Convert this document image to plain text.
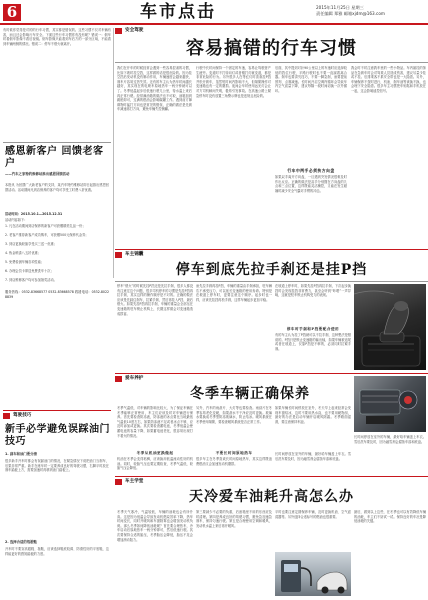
6	车市点击	2015年11月25日 星期三
责任编辑 郑雅 邮箱xjdm@163.com
安全驾驶
容易搞错的行车习惯
有时候你觉得是对的的行车习惯，其实都是错误的。这些习惯不仅对车辆有害，而且还会影响行车安全。下面这些行车习惯你有没有呢？错误一：倒车时看倒车影像不看后视镜。倒车影像只能看到车后方的一部分区域，不能看到车辆两侧的情况。错误二：停车不熄火就离开。
我们在开车的时候经常会遇到一些容易混淆的习惯，比如下坡时挂空挡，这样做的话是很危险的。因为挂空挡后发动机没有制动作用，车辆速度会越来越快，刹车片容易过热失效。还有的车主认为热车时间越长越好，其实现在的电喷车原地热车一两分钟就可以了。冬季低温起步后低速行驶几公里，待水温上来后再正常行驶。经常满油箱的做法也不可取，油箱加到跳枪即可，过满的燃油会影响碳罐工作。遇到前方障碍物时猛打方向也是常见的错误，正确的做法是先刹车减速再打方向，避免车辆失控侧翻。
行驶中长时间保持一个固定的车速，容易让驾驶者产生疲劳。变道时不打转向灯或者刚打灯就变道，都是非常危险的行为。另外很多人在等红灯时喜欢挂P挡并松开刹车，虽然短时间内影响不大，但频繁操作对变速箱也有一定的磨损。夜间会车时使用远光灯会让对方司机瞬间失明，极易引发事故。在高速公路上紧急停车时没有放置三角警示牌也是违规且危险的。
后面，其中提到对针90公里以上的车速时应选择较低的挡位行驶，平路行驶时也不要一直踩着离合器。刹车也要讲究技巧，不要一脚急刹，而要提前预判、点刹减速。长时间开启空调内循环会导致车内空气质量下降，建议每隔一段时间切换一次外循环。
行车中两手必须扶方向盘
如果双手离开方向盘，一旦遇到突发情况很难及时作出反应。正确的做法是双手分别握在方向盘的九点和三点位置，这样既能灵活操控，又能在发生碰撞时减少安全气囊对手臂的冲击。
我会时不时注意我车里的一些小物品。车内悬挂的饰品在急刹车时会对驾乘人员造成伤害，建议尽量少挂或不挂。后排乘客不系安全带也是一大隐患。另外，车辆保养不按时进行，机油、刹车油等该换不换，也会埋下安全隐患。很多车主习惯把车钥匙和手机放在一起，这会影响遥控信号。
感恩新客户 回馈老客户
——汽车之家特约维修站推出感恩回馈活动
本报讯 为回馈广大新老客户的支持，某汽车特约维修站即日起推出感恩回馈活动。活动期间凡到店保养的客户均可享受工时费八折优惠。
活动时间：2015.10.1—2015.12.31
活动内容如下：
1. 凡在活动期间到店保养的新客户可获赠精美礼品一份；
2. 老客户推荐新客户成功购车，可获赠500元保养代金券；
3. 到店更换轮胎享受买三送一优惠；
4. 钣金喷漆八五折优惠；
5. 免费检测车辆各项性能；
6. 办理会员卡即送免费洗车十次；
7. 到店维修客户均可参加抽奖活动。
服务热线：0532-83668577 0532-83668578 救援电话：0532-80228839
车主锦囊
停车到底先拉手刹还是挂P挡
停车“熄火”的时候先挂P挡还是先拉手刹，很多人都没有注意过这个问题，很多司机停车的习惯是先挂P挡再拉手刹，其实这样的操作顺序是不对的。正确的做法应该是先踩住刹车，拉紧手刹，然后再挂入P挡，最后熄火。如果先挂P挡再拉手刹，车辆的重量会全部压在变速箱的驻车锁止机构上，长期这样做会对变速箱造成损害。
而先拉手刹再挂P挡，车辆的重量由手刹承担，驻车棘爪不承受压力，可以延长变速箱的使用寿命。特别是在坡道上停车时，更要注意这个顺序。起步时也一样，应该先挂挡再松手刹，这样车辆起步更加平稳。
在坡道上停车时，如果先挂P挡再拉手刹，下次起步换挡时会发现挂挡非常费力，甚至会听到“咔嗒”一声异响，这就是驻车锁止机构受力的表现。
停车时手刹和P挡要配合使用
有的车主认为挂了P挡就可以不拉手刹，这种想法是错误的。P挡只是锁止变速箱的输出轴，如果车辆被追尾或者在坡道上，仅靠P挡是不够的，必须同时拉紧手刹。
爱车养护
冬季车辆正确保养
冬季气温低，对车辆的影响比较大，为了保证车辆在冬季能够正常使用，车主们应该及时对车辆进行保养。首先要检查防冻液，防冻液的冰点要比当地最低气温低10度左右，如果防冻液不足或者冰点不够，应及时添加或更换。其次要检查蓄电池，冬季低温会使蓄电池的容量下降，如果蓄电池老化，很容易出现打不着火的情况。
冬季从机油更换做起
机油在冬季会变得粘稠，应该换用低温流动性好的机油。同时，轮胎气压也要定期检查，冬季气温低，轮胎气压会降低。
另外，汽车的雨刮片、大灯等也要检查。雨刮片在冬季容易老化变硬，如果刮水不干净应及时更换。玻璃水要换成冬季型防冻玻璃水，防止结冰。暖风系统在冬季使用频繁，要检查暖风系统是否正常工作。
不要长时间原地热车
很多车主在冬季喜欢长时间原地热车，其实这样既浪费燃油又会加速发动机磨损。
如果车辆长时间停放在室外，冬天早上起来经常会发现车窗结冰，这时不要用热水浇，也不要用硬物刮，最好的办法是启动车辆开启暖风除霜。冬季路面湿滑，要注意保持车距。
长时间停放在室外的车辆，最好给车辆盖上车衣。雪后洗车要及时，因为融雪剂会腐蚀车漆和底盘。
长时间停放在室外的车辆，最好给车辆盖上车衣。雪后洗车要及时，因为融雪剂会腐蚀车漆和底盘。
驾驶技巧
新手必学避免误踩油门技巧
1. 刹车和油门要分清
很多新手开车时都会有误踩油门的情况，在紧急情况下误把油门当刹车，后果非常严重。新手在练车时一定要养成良好的驾驶习惯，右脚平时放在刹车踏板上方，需要加速时再移到油门踏板上。
2. 选择合适的驾驶鞋
开车时不要穿高跟鞋、拖鞋，应该选择鞋底较薄、防滑性好的平底鞋，这样能更好的感知踏板的力度。
车主学堂
天冷爱车油耗升高怎么办
冬季天气寒冷，气温较低，车辆的油耗也会有所升高。这是因为低温会导致发动机燃烧效率下降，热车时间变长，同时开暖风和车窗除雾也会增加发动机负荷。那么冬季如何降低油耗呢？首先要合理热车，冷车启动后原地热车一两分钟即可，然后低速行驶。其次要保持合适的胎压，冬季胎压会降低，胎压不足会增加滚动阻力。
第三要减少不必要的负重，后备箱里不用的东西应及时清理。第四是养成良好的驾驶习惯，避免急加速急刹车，保持匀速行驶。第五是合理使用空调和暖风，发动机水温上来后再开暖风。
平时也要注意定期保养车辆，及时更换机油、空气滤清器等。另外选择合适标号的燃油也很重要。
最后，做到以上这些，在冬季也可以有效降低车辆的油耗，车主们不妨试一试。保持良好的车况是降低油耗的关键。
